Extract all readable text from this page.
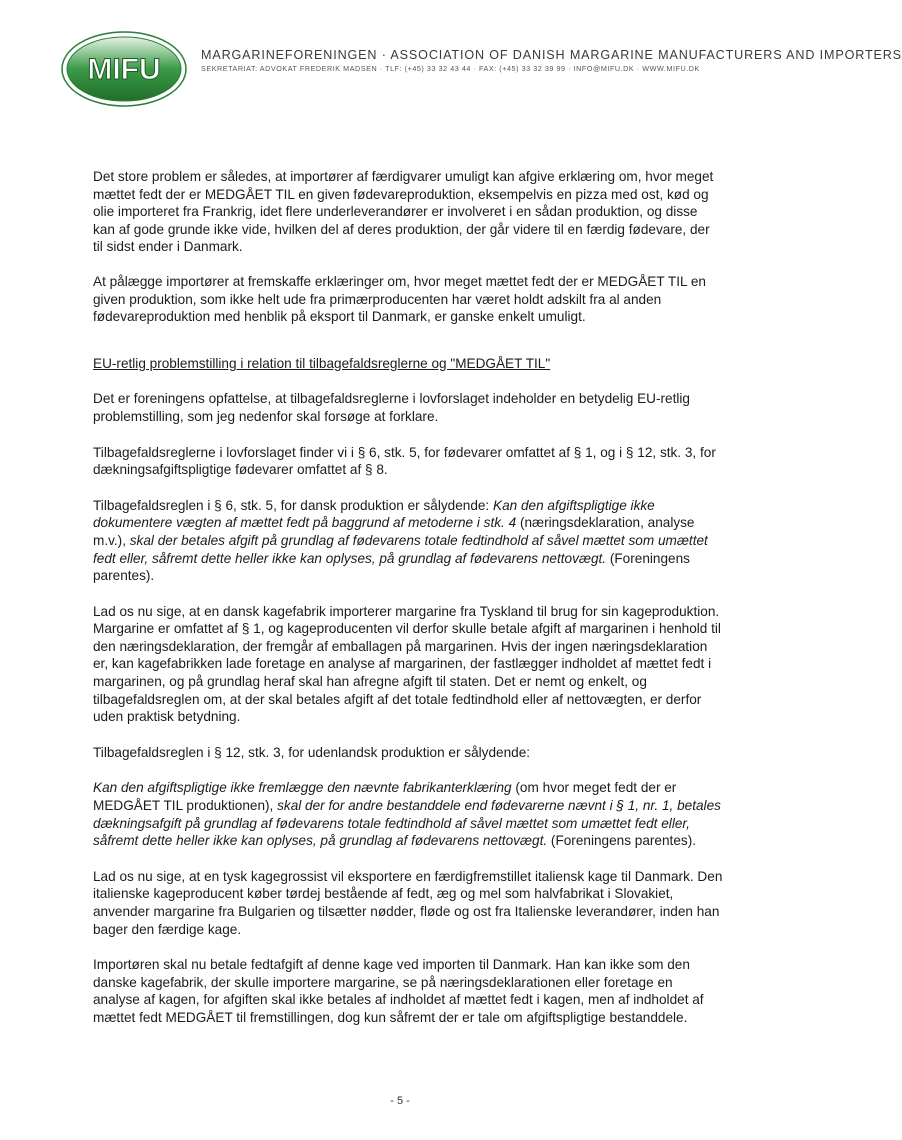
MIFU	MARGARINEFORENINGEN · ASSOCIATION OF DANISH MARGARINE MANUFACTURERS AND IMPORTERS
SEKRETARIAT: ADVOKAT FREDERIK MADSEN · TLF: (+45) 33 32 43 44 · FAX: (+45) 33 32 39 99 · INFO@MIFU.DK · WWW.MIFU.DK

Det store problem er således, at importører af færdigvarer umuligt kan afgive erklæring om, hvor meget mættet fedt der er MEDGÅET TIL en given fødevareproduktion, eksempelvis en pizza med ost, kød og olie importeret fra Frankrig, idet flere underleverandører er involveret i en sådan produktion, og disse kan af gode grunde ikke vide, hvilken del af deres produktion, der går videre til en færdig fødevare, der til sidst ender i Danmark.

At pålægge importører at fremskaffe erklæringer om, hvor meget mættet fedt der er MEDGÅET TIL en given produktion, som ikke helt ude fra primærproducenten har været holdt adskilt fra al anden fødevareproduktion med henblik på eksport til Danmark, er ganske enkelt umuligt.

EU-retlig problemstilling i relation til tilbagefaldsreglerne og "MEDGÅET TIL"

Det er foreningens opfattelse, at tilbagefaldsreglerne i lovforslaget indeholder en betydelig EU-retlig problemstilling, som jeg nedenfor skal forsøge at forklare.

Tilbagefaldsreglerne i lovforslaget finder vi i § 6, stk. 5, for fødevarer omfattet af § 1, og i § 12, stk. 3, for dækningsafgiftspligtige fødevarer omfattet af § 8.

Tilbagefaldsreglen i § 6, stk. 5, for dansk produktion er sålydende: Kan den afgiftspligtige ikke dokumentere vægten af mættet fedt på baggrund af metoderne i stk. 4 (næringsdeklaration, analyse m.v.), skal der betales afgift på grundlag af fødevarens totale fedtindhold af såvel mættet som umættet fedt eller, såfremt dette heller ikke kan oplyses, på grundlag af fødevarens nettovægt. (Foreningens parentes).

Lad os nu sige, at en dansk kagefabrik importerer margarine fra Tyskland til brug for sin kageproduktion. Margarine er omfattet af § 1, og kageproducenten vil derfor skulle betale afgift af margarinen i henhold til den næringsdeklaration, der fremgår af emballagen på margarinen. Hvis der ingen næringsdeklaration er, kan kagefabrikken lade foretage en analyse af margarinen, der fastlægger indholdet af mættet fedt i margarinen, og på grundlag heraf skal han afregne afgift til staten. Det er nemt og enkelt, og tilbagefaldsreglen om, at der skal betales afgift af det totale fedtindhold eller af nettovægten, er derfor uden praktisk betydning.

Tilbagefaldsreglen i § 12, stk. 3, for udenlandsk produktion er sålydende:

Kan den afgiftspligtige ikke fremlægge den nævnte fabrikanterklæring (om hvor meget fedt der er MEDGÅET TIL produktionen), skal der for andre bestanddele end fødevarerne nævnt i § 1, nr. 1, betales dækningsafgift på grundlag af fødevarens totale fedtindhold af såvel mættet som umættet fedt eller, såfremt dette heller ikke kan oplyses, på grundlag af fødevarens nettovægt. (Foreningens parentes).

Lad os nu sige, at en tysk kagegrossist vil eksportere en færdigfremstillet italiensk kage til Danmark. Den italienske kageproducent køber tørdej bestående af fedt, æg og mel som halvfabrikat i Slovakiet, anvender margarine fra Bulgarien og tilsætter nødder, fløde og ost fra Italienske leverandører, inden han bager den færdige kage.

Importøren skal nu betale fedtafgift af denne kage ved importen til Danmark. Han kan ikke som den danske kagefabrik, der skulle importere margarine, se på næringsdeklarationen eller foretage en analyse af kagen, for afgiften skal ikke betales af indholdet af mættet fedt i kagen, men af indholdet af mættet fedt MEDGÅET til fremstillingen, dog kun såfremt der er tale om afgiftspligtige bestanddele.

- 5 -
